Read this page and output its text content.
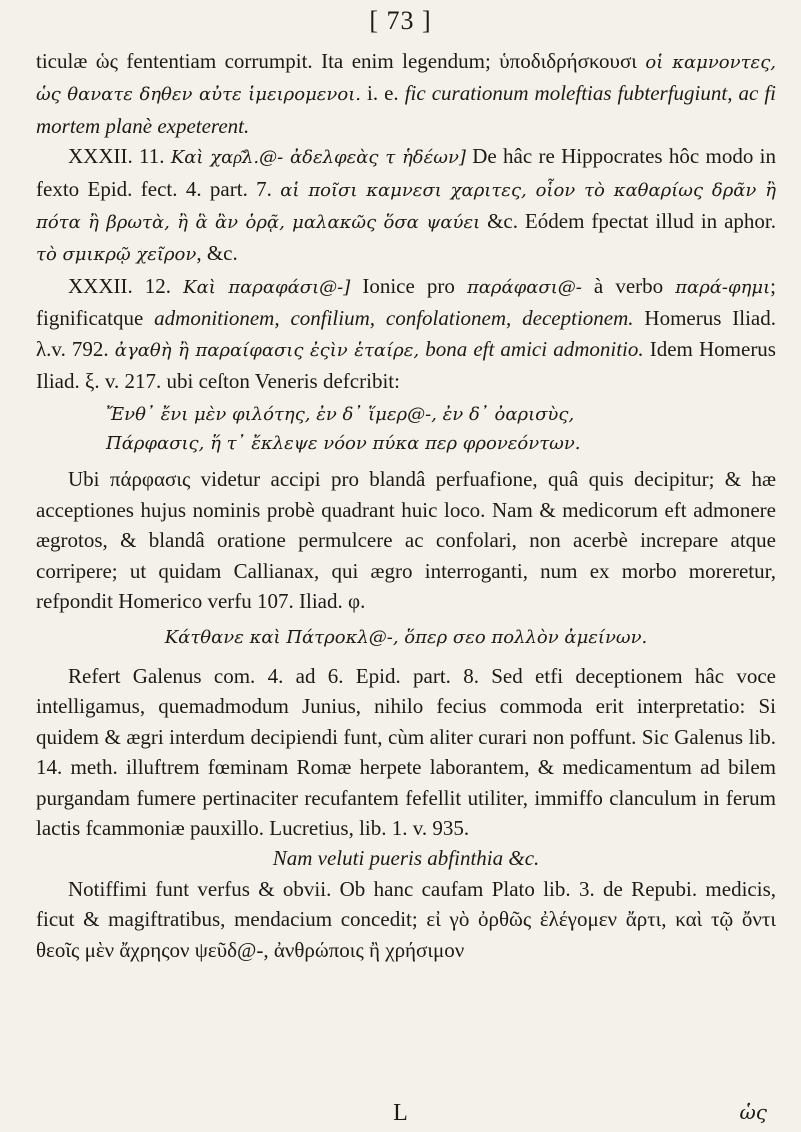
[ 73 ]

ticulæ ὡς fententiam corrumpit. Ita enim legendum; ὑποδιδρήσκουσι οἱ καμνοντες, ὡς θανατε δηθεν αὐτε ἱμειρομενοι. i. e. fic curationum moleftias fubterfugiunt, ac fi mortem planè expeterent.

XXXII. 11. Καὶ χαρ͂λ.@- ἀδελφεὰς τ ἡδέων] De hâc re Hippocrates hôc modo in fexto Epid. fect. 4. part. 7. αἱ ποῖσι καμνεσι χαριτες, οἷον τὸ καθαρίως δρᾶν ἢ πότα ἢ βρωτὰ, ἢ ἃ ἂν ὁρᾷ, μαλακῶς ὅσα ψαύει &c. Eódem fpectat illud in aphor. τὸ σμικρῷ χεῖρον, &c.

XXXII. 12. Καὶ παραφάσι@-] Ionice pro παράφασι@- à verbo παρά-φημι; fignificatque admonitionem, confilium, confolationem, deceptionem. Homerus Iliad. λ.v. 792. ἀγαθὴ ἢ παραίφασις ἐςὶν ἑταίρε, bona eft amici admonitio. Idem Homerus Iliad. ξ. v. 217. ubi ceſton Veneris defcribit:

Ἔνθ᾽ ἔνι μὲν φιλότης, ἐν δ᾽ ἵμερ@-, ἐν δ᾽ ὀαρισὺς,
Πάρφασις, ἥ τ᾽ ἔκλεψε νόον πύκα περ φρονεόντων.

Ubi πάρφασις videtur accipi pro blandâ perfuafione, quâ quis decipitur; & hæ acceptiones hujus nominis probè quadrant huic loco. Nam & medicorum eft admonere ægrotos, & blandâ oratione permulcere ac confolari, non acerbè increpare atque corripere; ut quidam Callianax, qui ægro interroganti, num ex morbo moreretur, refpondit Homerico verfu 107. Iliad. φ.

Κάτθανε καὶ Πάτροκλ@-, ὅπερ σεο πολλὸν ἀμείνων.

Refert Galenus com. 4. ad 6. Epid. part. 8. Sed etfi deceptionem hâc voce intelligamus, quemadmodum Junius, nihilo fecius commoda erit interpretatio: Si quidem & ægri interdum decipiendi funt, cùm aliter curari non poffunt. Sic Galenus lib. 14. meth. illuftrem fœminam Romæ herpete laborantem, & medicamentum ad bilem purgandam fumere pertinaciter recufantem fefellit utiliter, immiffo clanculum in ferum lactis fcammoniæ pauxillo. Lucretius, lib. 1. v. 935.

Nam veluti pueris abfinthia &c.

Notiffimi funt verfus & obvii. Ob hanc caufam Plato lib. 3. de Repubi. medicis, ficut & magiftratibus, mendacium concedit; εἰ γὸ ὀρθῶς ἐλέγομεν ἄρτι, καὶ τῷ ὄντι θεοῖς μὲν ἄχρηςον ψεῦδ@-, ἀνθρώποις ἢ χρήσιμον

L	ὡς
